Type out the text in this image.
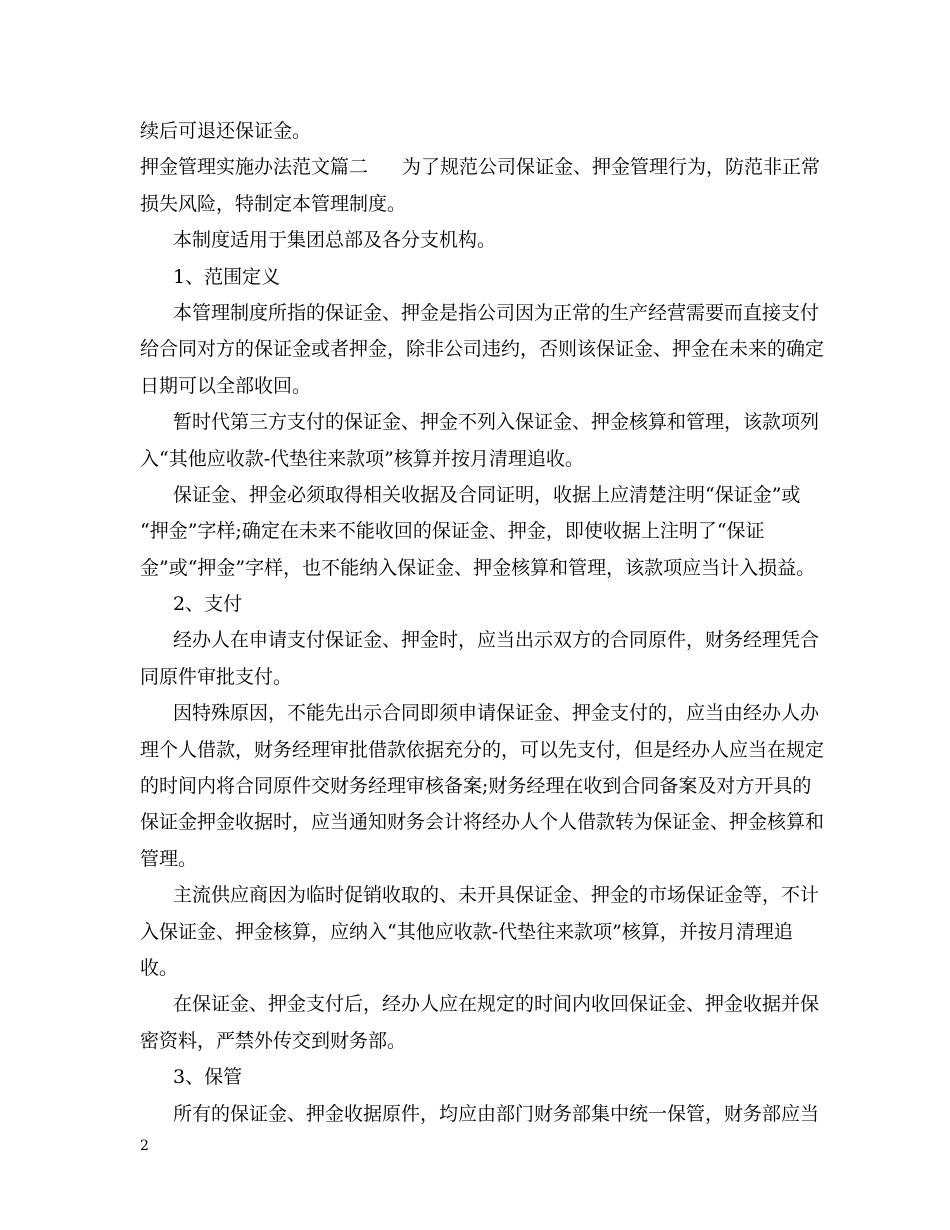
续后可退还保证金。
押金管理实施办法范文篇二 为了规范公司保证金、押金管理行为，防范非正常
损失风险，特制定本管理制度。
本制度适用于集团总部及各分支机构。
1、范围定义
本管理制度所指的保证金、押金是指公司因为正常的生产经营需要而直接支付
给合同对方的保证金或者押金，除非公司违约，否则该保证金、押金在未来的确定
日期可以全部收回。
暂时代第三方支付的保证金、押金不列入保证金、押金核算和管理，该款项列
入“其他应收款-代垫往来款项”核算并按月清理追收。
保证金、押金必须取得相关收据及合同证明，收据上应清楚注明“保证金”或
“押金”字样;确定在未来不能收回的保证金、押金，即使收据上注明了“保证
金”或“押金”字样，也不能纳入保证金、押金核算和管理，该款项应当计入损益。
2、支付
经办人在申请支付保证金、押金时，应当出示双方的合同原件，财务经理凭合
同原件审批支付。
因特殊原因，不能先出示合同即须申请保证金、押金支付的，应当由经办人办
理个人借款，财务经理审批借款依据充分的，可以先支付，但是经办人应当在规定
的时间内将合同原件交财务经理审核备案;财务经理在收到合同备案及对方开具的
保证金押金收据时，应当通知财务会计将经办人个人借款转为保证金、押金核算和
管理。
主流供应商因为临时促销收取的、未开具保证金、押金的市场保证金等，不计
入保证金、押金核算，应纳入“其他应收款-代垫往来款项”核算，并按月清理追
收。
在保证金、押金支付后，经办人应在规定的时间内收回保证金、押金收据并保
密资料，严禁外传交到财务部。
3、保管
所有的保证金、押金收据原件，均应由部门财务部集中统一保管，财务部应当
2
